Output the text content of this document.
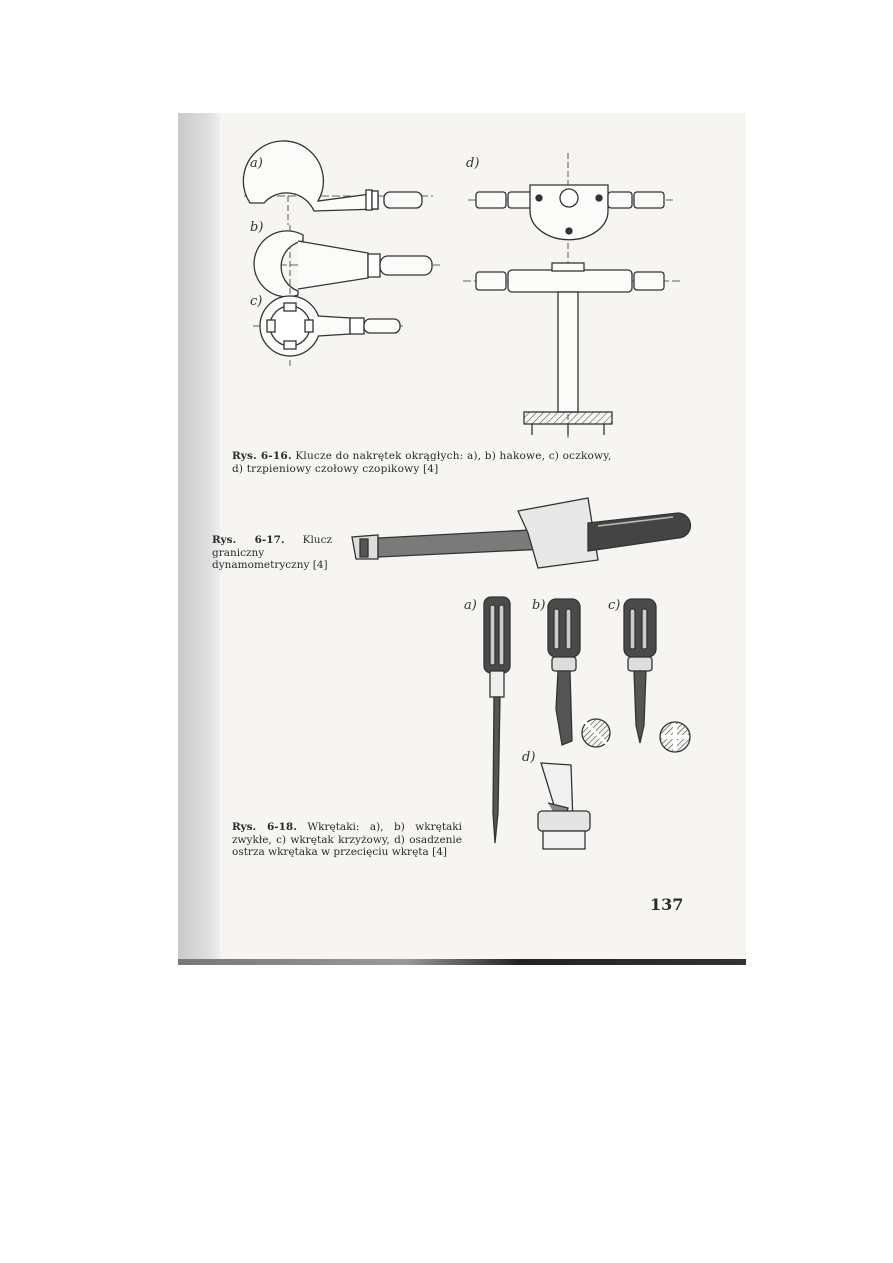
a)
b)
c)
d)
a)	b)	c)
d)

Rys. 6-16. Klucze do nakrętek okrągłych: a), b) hakowe, c) oczkowy,
d) trzpieniowy czołowy czopikowy [4]

Rys. 6-17. Klucz graniczny dynamometryczny [4]

Rys. 6-18. Wkrętaki: a), b) wkrętaki zwykłe, c) wkrętak krzyżowy, d) osadzenie ostrza wkrętaka w przecięciu wkręta [4]

137
